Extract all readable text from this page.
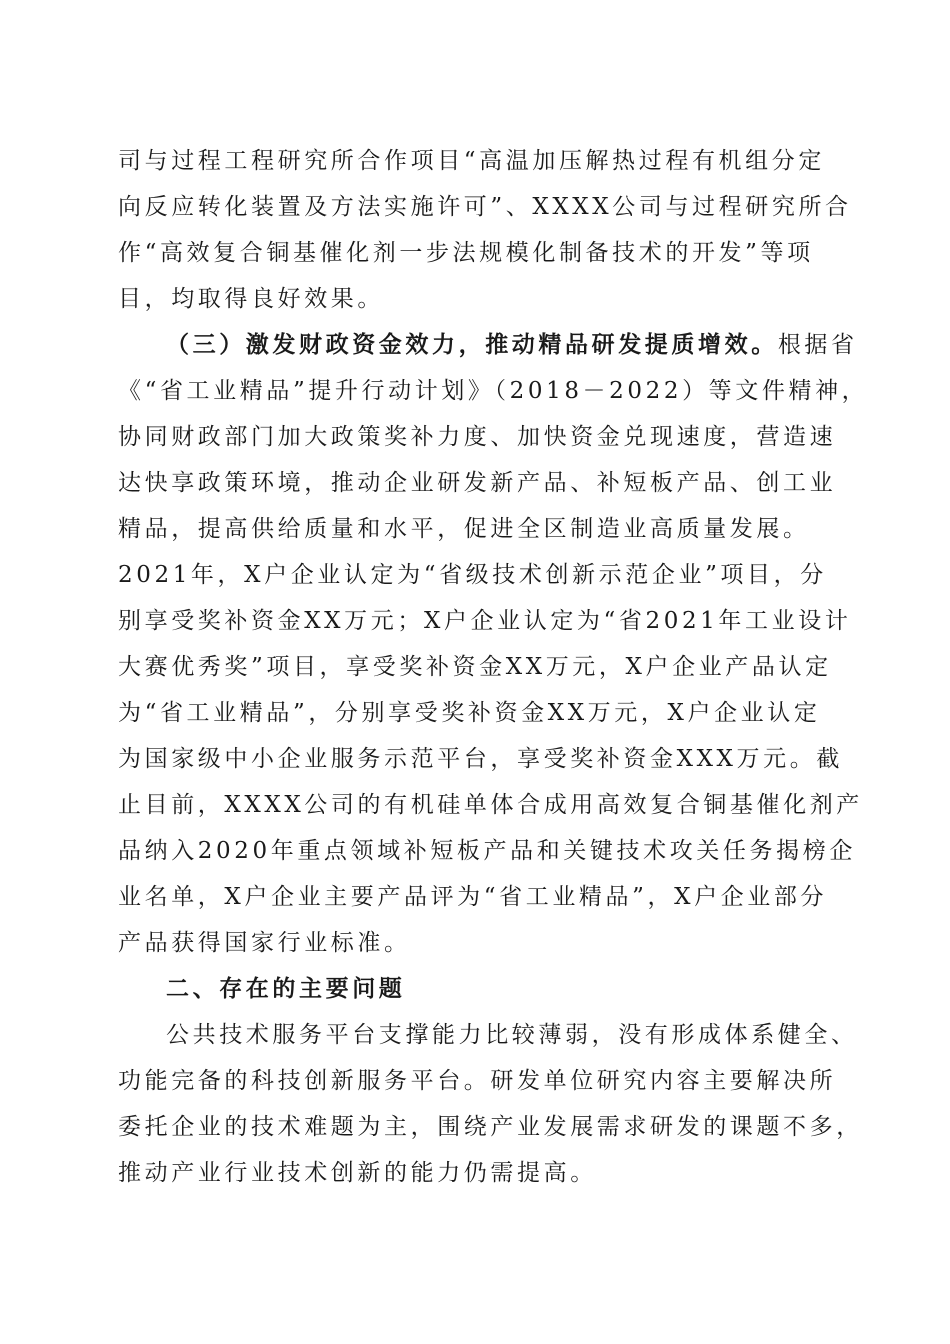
司与过程工程研究所合作项目“高温加压解热过程有机组分定
向反应转化装置及方法实施许可”、XXXX公司与过程研究所合
作“高效复合铜基催化剂一步法规模化制备技术的开发”等项
目，均取得良好效果。
（三）激发财政资金效力，推动精品研发提质增效。根据省
《“省工业精品”提升行动计划》（2018－2022）等文件精神，
协同财政部门加大政策奖补力度、加快资金兑现速度，营造速
达快享政策环境，推动企业研发新产品、补短板产品、创工业
精品，提高供给质量和水平，促进全区制造业高质量发展。
2021年，X户企业认定为“省级技术创新示范企业”项目，分
别享受奖补资金XX万元；X户企业认定为“省2021年工业设计
大赛优秀奖”项目，享受奖补资金XX万元，X户企业产品认定
为“省工业精品”，分别享受奖补资金XX万元，X户企业认定
为国家级中小企业服务示范平台，享受奖补资金XXX万元。截
止目前，XXXX公司的有机硅单体合成用高效复合铜基催化剂产
品纳入2020年重点领域补短板产品和关键技术攻关任务揭榜企
业名单，X户企业主要产品评为“省工业精品”，X户企业部分
产品获得国家行业标准。
二、存在的主要问题
公共技术服务平台支撑能力比较薄弱，没有形成体系健全、
功能完备的科技创新服务平台。研发单位研究内容主要解决所
委托企业的技术难题为主，围绕产业发展需求研发的课题不多，
推动产业行业技术创新的能力仍需提高。
